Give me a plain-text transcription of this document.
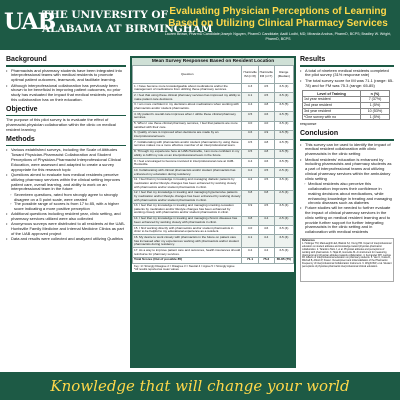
UAB
THE UNIVERSITY OF
ALABAMA AT BIRMINGHAM
Evaluating Physician Perceptions of Learning Based on Utilizing Clinical Pharmacy Services
Lauren Brown, PharmD Candidate;Joseph Nguyen, PharmD Candidate; Aadil Lodhi, MD; Miranda Andrus, PharmD, BCPS; Bradley W. Wright, PharmD, BCPS
Background
• Pharmacists and pharmacy students have been integrated into interprofessional teams with medical residents to promote optimal patient outcomes, teamwork, and facilitate learning.
• Although interprofessional collaboration has previously been shown to be beneficial in improving patient outcomes, no prior study has evaluated the impact that medical residents perceive this collaboration has on their education.
Objective
The purpose of this pilot survey is to evaluate the effect of pharmacist-physician collaboration within the clinic on medical resident learning
Methods
• Various established surveys, including the Scale of Attitudes Toward Physician-Pharmacist Collaboration and Student Perceptions of Physician-Pharmacist Interprofessional Clinical Education, were assessed and adapted to create a survey appropriate for this research topic
• Questions aimed to evaluate how medical residents perceive utilizing pharmacy services within the clinical setting improves patient care, overall learning, and ability to work on an interprofessional team in the future
◦ Seventeen questions, rated from strongly agree to strongly disagree on a 5 point scale, were created
◦ The possible range of scores is from 17 to 85, with a higher score indicating a more positive perception
• Additional questions including resident year, clinic setting, and pharmacy services utilized were also collected
• Anonymous surveys were distributed to all residents at the UAB-Huntsville Family Medicine and Internal Medicine Clinics as part of the UAB approved project
• Data and results were collected and analyzed utilizing Qualtrics
Mean Survey Responses Based on Resident Location
Question	Huntsville IM (n=8)	Huntsville FM (n=7)	Range (Median)
1. I have become more knowledgeable about medications and/or the management of medications from utilizing these pharmacy services.	4.3	4.5	3-5 (4)
2. I feel that using these clinical pharmacy services has improved my ability to make patient care decisions.	4.1	4.5	3-5 (4)
3. I am more confident in my decisions about medications when working with pharmacists and/or student pharmacists.	4.4	4.8	3-5 (5)
4. My patient's overall care improves when I utilize these clinical pharmacy services.	4.5	4.6	4-5 (5)
5. When I use these clinical pharmacy services, I feel that patients are more satisfied with their care.	4.0	4.0	3-5 (4)
6. Quality of care is improved when decisions are made by an interprofessional team.	4.6	4.9	4-5 (5)
7. Collaborating with pharmacists and/or student pharmacists by using these services makes me a more effective member of an interprofessional team.	4.5	4.8	4-5 (5)
8. Through my experience here at UAB-Huntsville, I am more confident in my ability to fulfill my role on an interprofessional team in the future.	4.5	4.8	4-5 (5)
9. I feel encouraged to become involved in interprofessional care at UAB-Huntsville.	4.4	4.6	3-5 (5)
10. Collaborating with clinical pharmacists and/or student pharmacists has enhanced my education during residency.	4.2	4.5	2-5 (4)
11. I feel that my knowledge in treating and managing diabetic patients by medication and/or lifestyle changes has been enhanced by working closely with pharmacists and/or student pharmacists in clinic.	4.2	4.5	3-5 (4)
12. I feel that my knowledge in treating and managing hypertensive patients by medication and/or lifestyle changes has been enhanced by working closely with pharmacists and/or student pharmacists in clinic.	3.8	3.8	2-5 (4)
13. I feel that my knowledge in treating and managing smoking cessation patients by medication and/or lifestyle changes has been enhanced by working closely with pharmacists and/or student pharmacists in clinic.	3.9	4.5	3-5 (4)
14. I feel that my knowledge in treating and managing chronic diseases has been enhanced by working closely with pharmacists in clinic.	3.8	4.4	2-5 (4)
15. I find working directly with pharmacists and/or student pharmacists in clinic to be helpful to my educational experience as a resident.	4.0	4.6	3-5 (4)
16. My desire to work closely with pharmacists in the future on patient care has increased after my experiences working with pharmacists and/or student pharmacists during residency.	4.1	4.4	3-5 (4)
17. As a way to improve patient care and outcomes, health insurances should reimburse for pharmacy services.	4.2	4.2	3-5 (4)
Total Scores (Out of possible 85)	71.1	75.3	65-85 (75)
Key: 1= Strongly Disagree 2 = Disagree 3 = Neutral 4 = Agree 5 = Strongly Agree
*All results reported as mean values
Results
• A total of nineteen medical residents completed the pilot survey (31% response rate)
• The total survey score for IM was 71.1 (range: 65-78) and for FM was 75.3 (range: 65-85)
Level of Training	n (%)
1st year resident	7 (37%)
2nd year resident	1 (5%)
3rd year resident	10 (53%)
*One survey with no	1 (5%)
response
Conclusion
• This survey can be used to identify the impact of medical resident collaboration with clinic pharmacists in the clinic setting
• Medical residents' education is enhanced by including pharmacists and pharmacy students as a part of interprofessional teams and utilizing clinical pharmacy services within the ambulatory clinic setting
◦ Medical residents also perceive this collaboration improves their confidence in making decisions about medications, while enhancing knowledge in treating and managing chronic diseases such as diabetes
• Future studies will be needed to further evaluate the impact of clinical pharmacy services in the clinic setting on medical resident learning and to provide further support for further integrating pharmacists in the clinic setting and in collaboration with medical residents
References
1. Hottinger TM, MacLaughlin EA, Blalock SJ, Young HM. Impact of interprofessional education on student attitudes and knowledge toward physician-pharmacist collaboration. 2. Tarantino Tarsi J, et al. Physician attitudes and perceptions of working with pharmacists. 3. Hojat M, Gonnella JS. An instrument for measuring pharmacist and physician attitudes towards collaboration. 4. Fernandez MH, Lanzas JR. Effects of interprofessional education on pharmacy students. 5. Van C, Costa D, Mitchell B, Abbott P, Krass I. Development and initial validation of the Pharmacist Frequency of Interprofessional Collaboration Instrument. 6. Wright BW, et al. Student perceptions of physician-pharmacist interprofessional clinical education.
Knowledge that will change your world
